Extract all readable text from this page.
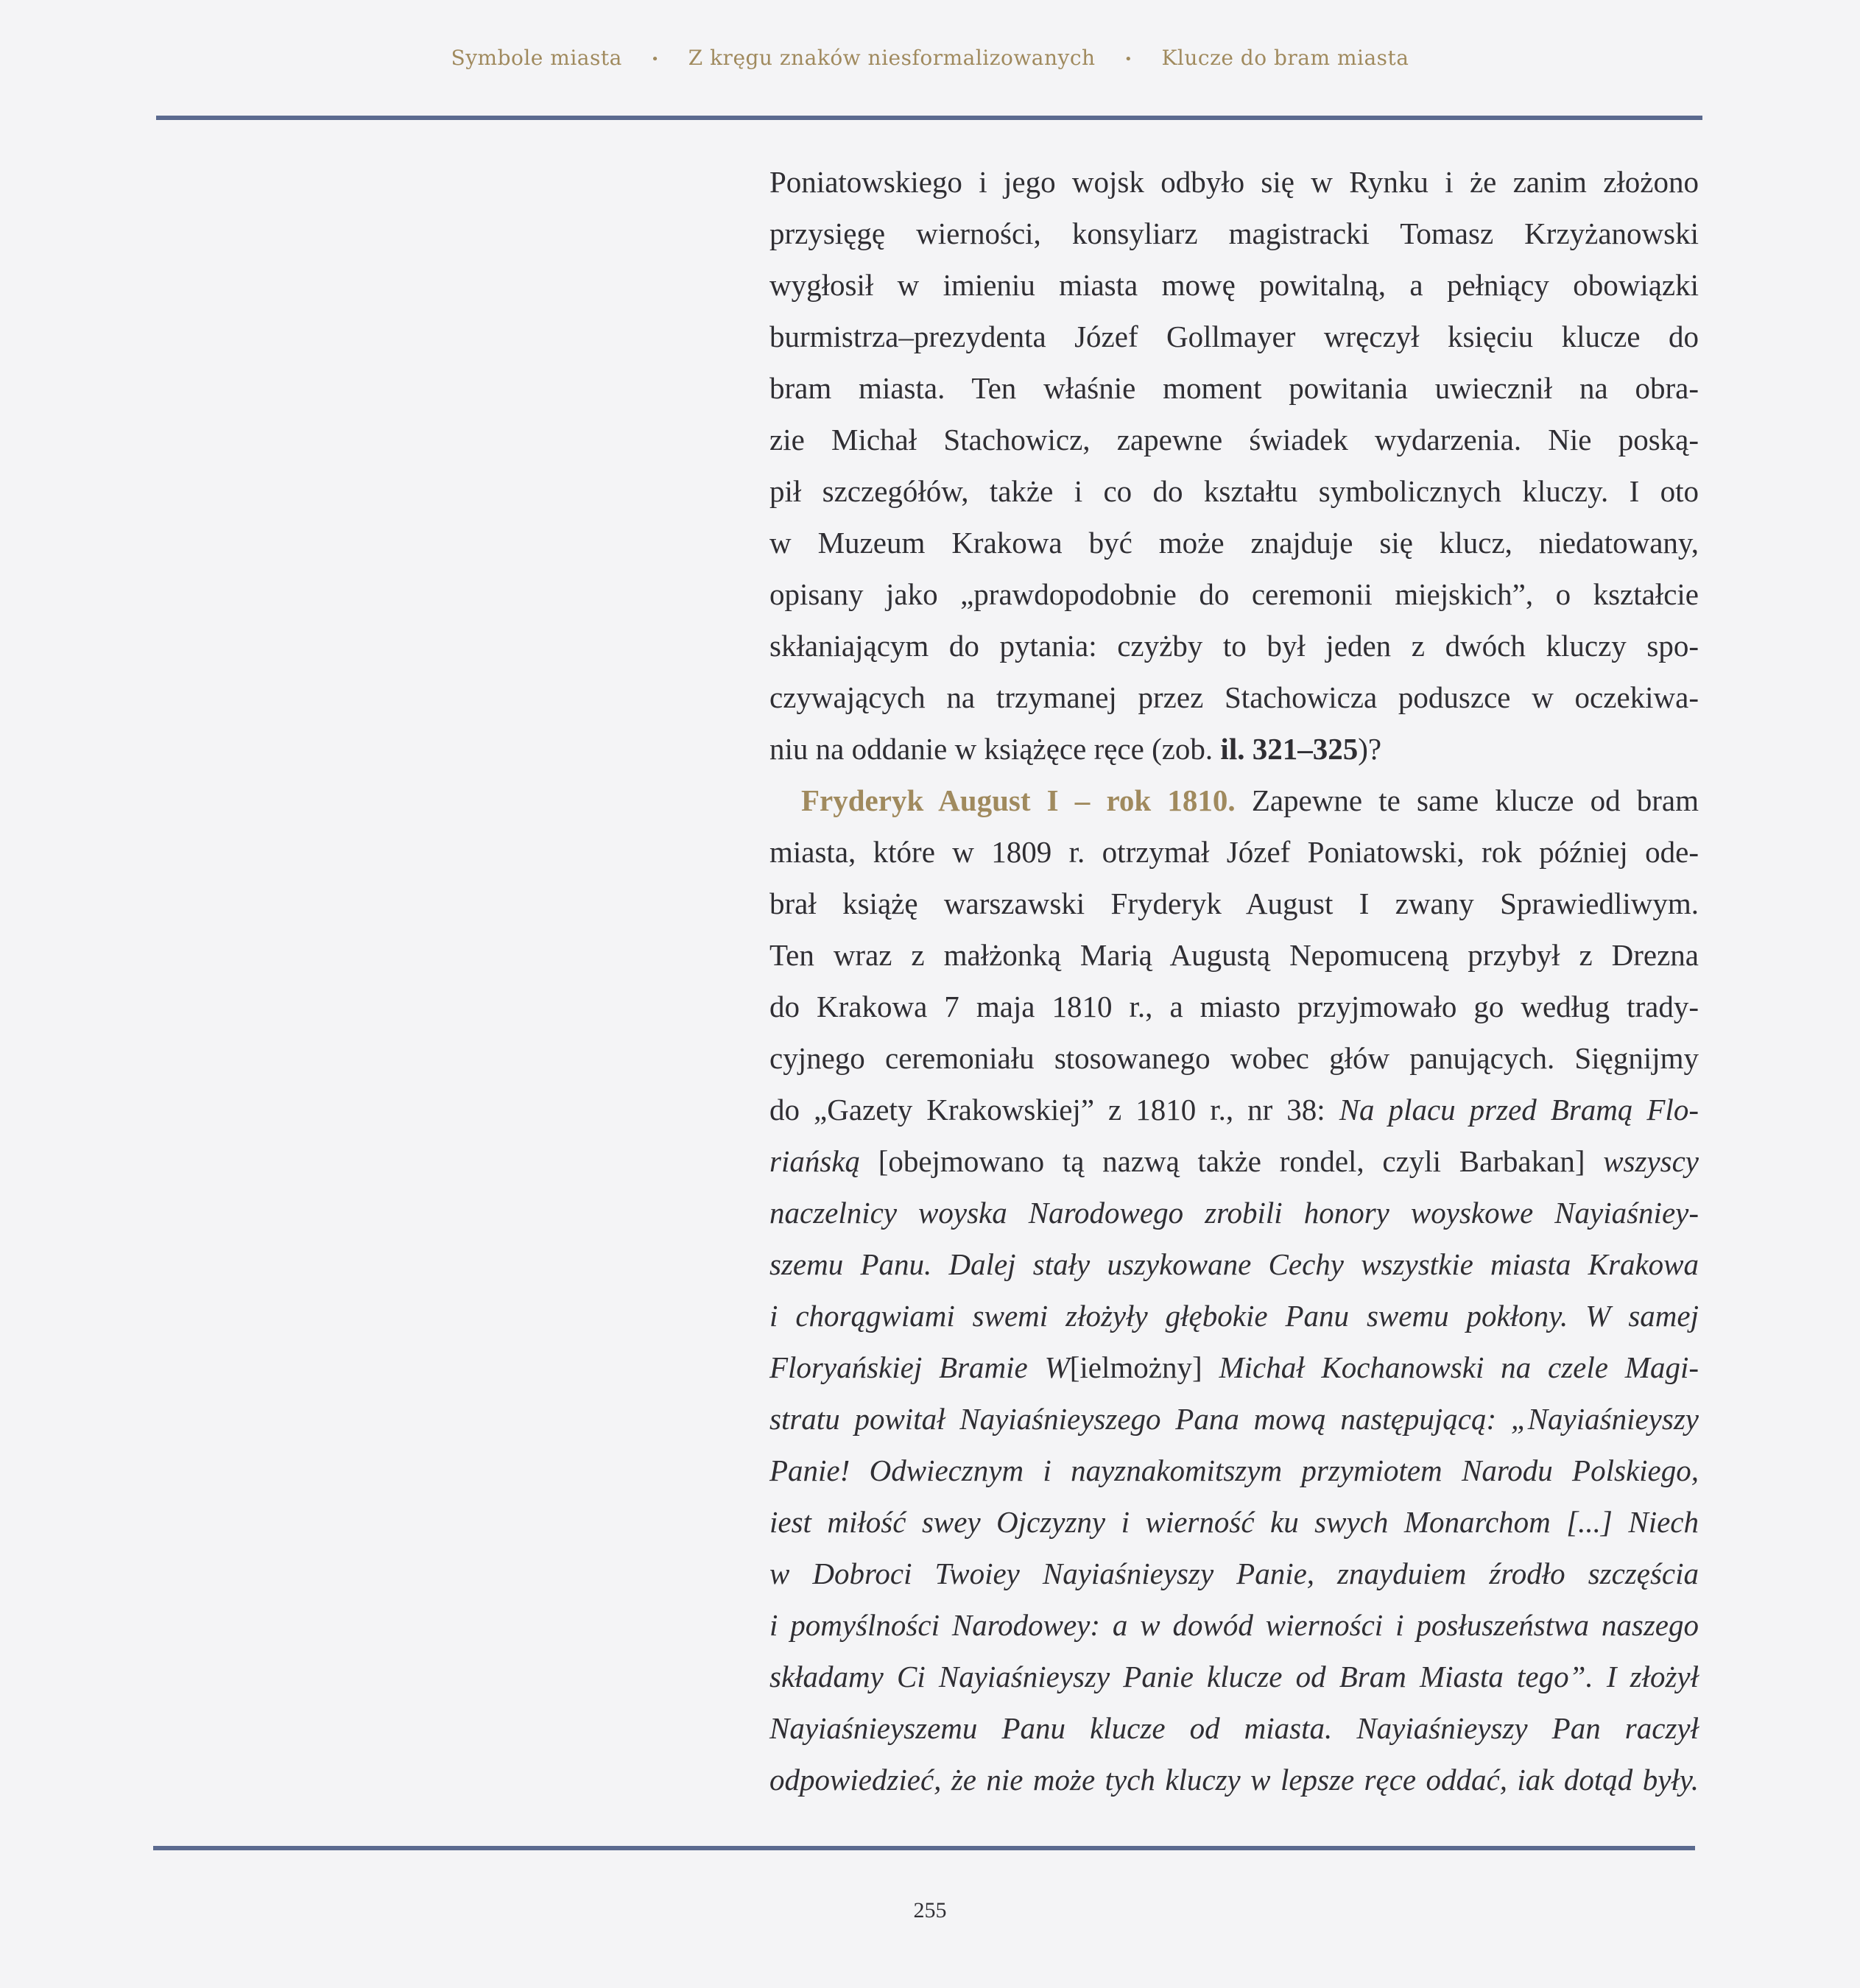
Symbole miasta • Z kręgu znaków niesformalizowanych • Klucze do bram miasta
Poniatowskiego i jego wojsk odbyło się w Rynku i że zanim złożono
przysięgę wierności, konsyliarz magistracki Tomasz Krzyżanowski
wygłosił w imieniu miasta mowę powitalną, a pełniący obowiązki
burmistrza–prezydenta Józef Gollmayer wręczył księciu klucze do
bram miasta. Ten właśnie moment powitania uwiecznił na obra-
zie Michał Stachowicz, zapewne świadek wydarzenia. Nie poską-
pił szczegółów, także i co do kształtu symbolicznych kluczy. I oto
w Muzeum Krakowa być może znajduje się klucz, niedatowany,
opisany jako „prawdopodobnie do ceremonii miejskich”, o kształcie
skłaniającym do pytania: czyżby to był jeden z dwóch kluczy spo-
czywających na trzymanej przez Stachowicza poduszce w oczekiwa-
niu na oddanie w książęce ręce (zob. il. 321–325)?
Fryderyk August I – rok 1810. Zapewne te same klucze od bram
miasta, które w 1809 r. otrzymał Józef Poniatowski, rok później ode-
brał książę warszawski Fryderyk August I zwany Sprawiedliwym.
Ten wraz z małżonką Marią Augustą Nepomuceną przybył z Drezna
do Krakowa 7 maja 1810 r., a miasto przyjmowało go według trady-
cyjnego ceremoniału stosowanego wobec głów panujących. Sięgnijmy
do „Gazety Krakowskiej” z 1810 r., nr 38: Na placu przed Bramą Flo-
riańską [obejmowano tą nazwą także rondel, czyli Barbakan] wszyscy
naczelnicy woyska Narodowego zrobili honory woyskowe Nayiaśniey-
szemu Panu. Dalej stały uszykowane Cechy wszystkie miasta Krakowa
i chorągwiami swemi złożyły głębokie Panu swemu pokłony. W samej
Floryańskiej Bramie W[ielmożny] Michał Kochanowski na czele Magi-
stratu powitał Nayiaśnieyszego Pana mową następującą: „Nayiaśnieyszy
Panie! Odwiecznym i nayznakomitszym przymiotem Narodu Polskiego,
iest miłość swey Ojczyzny i wierność ku swych Monarchom [...] Niech
w Dobroci Twoiey Nayiaśnieyszy Panie, znayduiem źrodło szczęścia
i pomyślności Narodowey: a w dowód wierności i posłuszeństwa naszego
składamy Ci Nayiaśnieyszy Panie klucze od Bram Miasta tego”. I złożył
Nayiaśnieyszemu Panu klucze od miasta. Nayiaśnieyszy Pan raczył
odpowiedzieć, że nie może tych kluczy w lepsze ręce oddać, iak dotąd były.
255
